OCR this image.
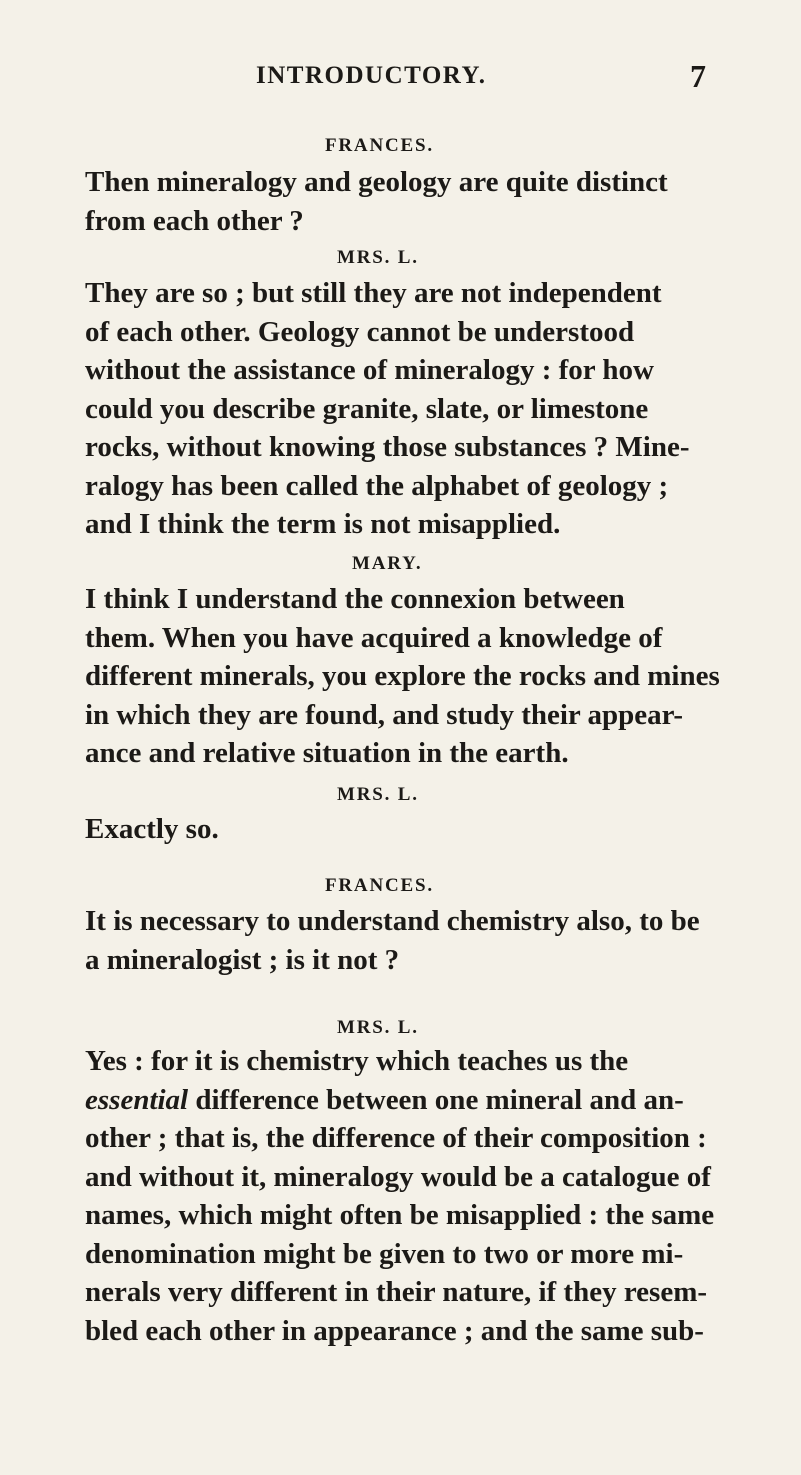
INTRODUCTORY.	7
FRANCES.
Then mineralogy and geology are quite distinct
from each other ?
MRS. L.
They are so ; but still they are not independent
of each other. Geology cannot be understood
without the assistance of mineralogy : for how
could you describe granite, slate, or limestone
rocks, without knowing those substances ? Mine-
ralogy has been called the alphabet of geology ;
and I think the term is not misapplied.
MARY.
I think I understand the connexion between
them. When you have acquired a knowledge of
different minerals, you explore the rocks and mines
in which they are found, and study their appear-
ance and relative situation in the earth.
MRS. L.
Exactly so.
FRANCES.
It is necessary to understand chemistry also, to be
a mineralogist ; is it not ?
MRS. L.
Yes : for it is chemistry which teaches us the
essential difference between one mineral and an-
other ; that is, the difference of their composition :
and without it, mineralogy would be a catalogue of
names, which might often be misapplied : the same
denomination might be given to two or more mi-
nerals very different in their nature, if they resem-
bled each other in appearance ; and the same sub-
